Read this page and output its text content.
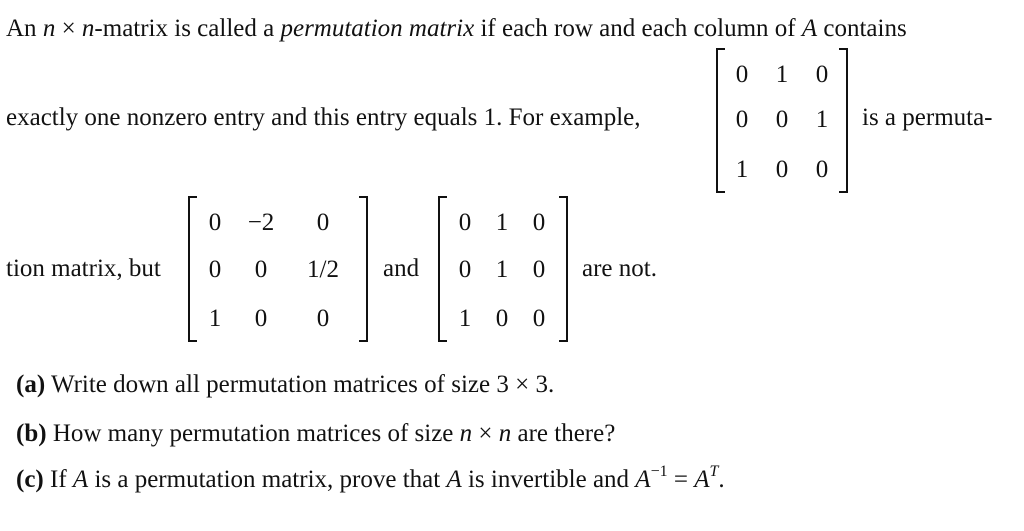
An n × n-matrix is called a permutation matrix if each row and each column of A contains
exactly one nonzero entry and this entry equals 1. For example,
0	1	0
0	0	1
1	0	0
is a permuta-
tion matrix, but
0	−2	0
0	0	1/2
1	0	0
and
0 1 0
0 1 0
1 0 0
are not.
(a) Write down all permutation matrices of size 3 × 3.
(b) How many permutation matrices of size n × n are there?
(c) If A is a permutation matrix, prove that A is invertible and $A^{-1} = A^T$.
